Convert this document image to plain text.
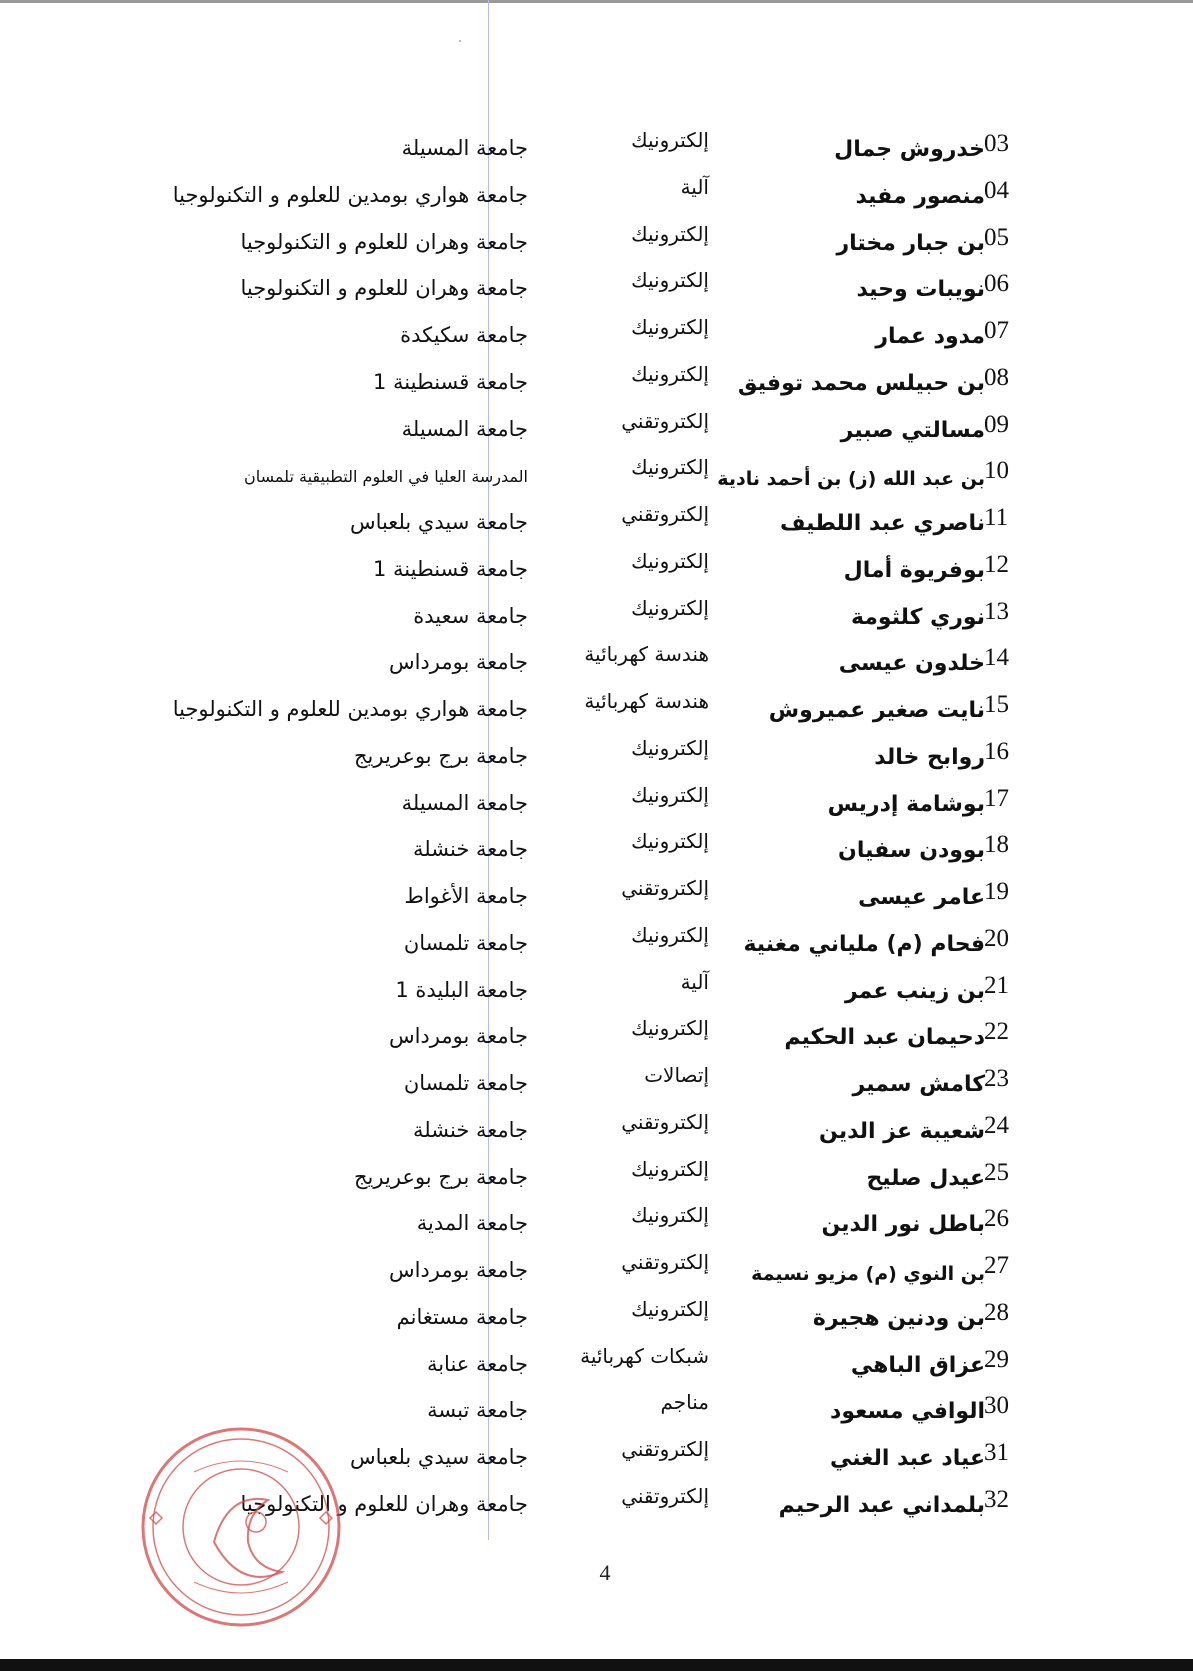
03
خدروش جمال
إلكترونيك
جامعة المسيلة
04
منصور مفيد
آلية
جامعة هواري بومدين للعلوم و التكنولوجيا
05
بن جبار مختار
إلكترونيك
جامعة وهران للعلوم و التكنولوجيا
06
نويبات وحيد
إلكترونيك
جامعة وهران للعلوم و التكنولوجيا
07
مدود عمار
إلكترونيك
جامعة سكيكدة
08
بن حبيلس محمد توفيق
إلكترونيك
جامعة قسنطينة 1
09
مسالتي صبير
إلكتروتقني
جامعة المسيلة
10
بن عبد الله (ز) بن أحمد نادية
إلكترونيك
المدرسة العليا في العلوم التطبيقية تلمسان
11
ناصري عبد اللطيف
إلكتروتقني
جامعة سيدي بلعباس
12
بوفريوة أمال
إلكترونيك
جامعة قسنطينة 1
13
نوري كلثومة
إلكترونيك
جامعة سعيدة
14
خلدون عيسى
هندسة كهربائية
جامعة بومرداس
15
نايت صغير عميروش
هندسة كهربائية
جامعة هواري بومدين للعلوم و التكنولوجيا
16
روابح خالد
إلكترونيك
جامعة برج بوعريريج
17
بوشامة إدريس
إلكترونيك
جامعة المسيلة
18
بوودن سفيان
إلكترونيك
جامعة خنشلة
19
عامر عيسى
إلكتروتقني
جامعة الأغواط
20
فحام (م) ملياني مغنية
إلكترونيك
جامعة تلمسان
21
بن زينب عمر
آلية
جامعة البليدة 1
22
دحيمان عبد الحكيم
إلكترونيك
جامعة بومرداس
23
كامش سمير
إتصالات
جامعة تلمسان
24
شعيبة عز الدين
إلكتروتقني
جامعة خنشلة
25
عيدل صليح
إلكترونيك
جامعة برج بوعريريج
26
باطل نور الدين
إلكترونيك
جامعة المدية
27
بن النوي (م) مزيو نسيمة
إلكتروتقني
جامعة بومرداس
28
بن ودنين هجيرة
إلكترونيك
جامعة مستغانم
29
عزاق الباهي
شبكات كهربائية
جامعة عنابة
30
الوافي مسعود
مناجم
جامعة تبسة
31
عياد عبد الغني
إلكتروتقني
جامعة سيدي بلعباس
32
بلمداني عبد الرحيم
إلكتروتقني
جامعة وهران للعلوم و التكنولوجيا
4
